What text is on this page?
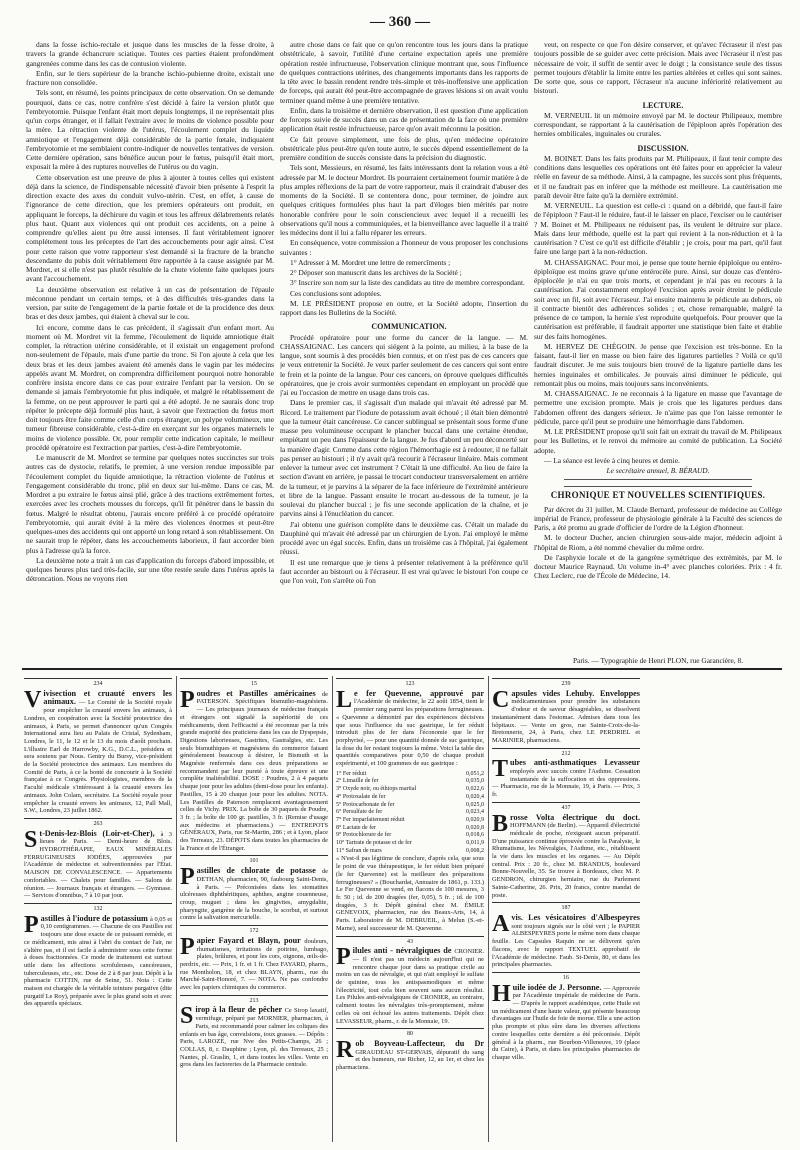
— 360 —

dans la fosse ischio-rectale et jusque dans les muscles de la fesse droite, à travers la grande échancrure sciatique. Toutes ces parties étaient profondément gangrenées comme dans les cas de contusion violente.

Enfin, sur le tiers supérieur de la branche ischio-pubienne droite, existait une fracture non consolidée.

Tels sont, en résumé, les points principaux de cette observation. On se demande pourquoi, dans ce cas, notre confrère s'est décidé à faire la version plutôt que l'embryotomie. Puisque l'enfant était mort depuis longtemps, il ne représentait plus qu'un corps étranger, et il fallait l'extraire avec le moins de violence possible pour la mère. La rétraction violente de l'utérus, l'écoulement complet du liquide amniotique et l'engagement déjà considérable de la partie fœtale, indiquaient l'embryotomie et me semblaient contre-indiquer de nouvelles tentatives de version. Cette dernière opération, sans bénéfice aucun pour le fœtus, puisqu'il était mort, exposait la mère à des ruptures nouvelles de l'utérus ou du vagin.

Cette observation est une preuve de plus à ajouter à toutes celles qui existent déjà dans la science, de l'indispensable nécessité d'avoir bien présente à l'esprit la direction exacte des axes du conduit vulvo-utérin. C'est, en effet, à cause de l'ignorance de cette direction, que les premiers opérateurs ont produit, en appliquant le forceps, la déchirure du vagin et tous les affreux délabrements relatés plus haut. Quant aux violences qui ont produit ces accidents, on a peine à comprendre qu'elles aient pu être aussi intenses. Il faut véritablement ignorer complétement tous les préceptes de l'art des accouchements pour agir ainsi. C'est pour cette raison que votre rapporteur s'est demandé si la fracture de la branche descendante du pubis doit véritablement être rapportée à la cause assignée par M. Mordret, et si elle n'est pas plutôt résultée de la chute violente faite quelques jours avant l'accouchement.

La deuxième observation est relative à un cas de présentation de l'épaule méconnue pendant un certain temps, et à des difficultés très-grandes dans la version, par suite de l'engagement de la partie fœtale et de la procidence des deux bras et des deux jambes, qui étaient à cheval sur le cou.

Ici encore, comme dans le cas précédent, il s'agissait d'un enfant mort. Au moment où M. Mordret vit la femme, l'écoulement de liquide amniotique était complet, la rétraction utérine considérable, et il existait un engagement profond non-seulement de l'épaule, mais d'une partie du tronc. Si l'on ajoute à cela que les deux bras et les deux jambes avaient été amenés dans le vagin par les médecins appelés avant M. Mordret, on comprendra difficilement pourquoi notre honorable confrère insista encore dans ce cas pour extraire l'enfant par la version. On se demande si jamais l'embryotomie fut plus indiquée, et malgré le rétablissement de la femme, on ne peut approuver le parti qui a été adopté. Je ne saurais donc trop répéter le précepte déjà formulé plus haut, à savoir que l'extraction du fœtus mort doit toujours être faite comme celle d'un corps étranger, un polype volumineux, une tumeur fibreuse considérable, c'est-à-dire en exerçant sur les organes maternels le moins de violence possible. Or, pour remplir cette indication capitale, le meilleur procédé opératoire est l'extraction par parties, c'est-à-dire l'embryotomie.

Le manuscrit de M. Mordret se termine par quelques notes succinctes sur trois autres cas de dystocie, relatifs, le premier, à une version rendue impossible par l'écoulement complet du liquide amniotique, la rétraction violente de l'utérus et l'engagement considérable du tronc, plié en deux sur lui-même. Dans ce cas, M. Mordret a pu extraire le fœtus ainsi plié, grâce à des tractions extrêmement fortes, exercées avec les crochets mousses du forceps, qu'il fit pénétrer dans le bassin du fœtus. Malgré le résultat obtenu, j'aurais encore préféré à ce procédé opératoire l'embryotomie, qui aurait évité à la mère des violences énormes et peut-être quelques-unes des accidents qui ont apporté un long retard à son rétablissement. On ne saurait trop le répéter, dans les accouchements laborieux, il faut accorder bien plus à l'adresse qu'à la force.

La deuxième note a trait à un cas d'application du forceps d'abord impossible, et quelques heures plus tard très-facile, sur une tête restée seule dans l'utérus après la détroncation. Nous ne voyons rien

autre chose dans ce fait que ce qu'on rencontre tous les jours dans la pratique obstétricale, à savoir, l'utilité d'une certaine expectation après une première opération restée infructueuse, l'observation clinique montrant que, sous l'influence de quelques contractions utérines, des changements importants dans les rapports de la tête avec le bassin rendent rendre très-simple et très-inoffensive une application de forceps, qui aurait été peut-être accompagnée de graves lésions si on avait voulu terminer quand même à une première tentative.

Enfin, dans la troisième et dernière observation, il est question d'une application de forceps suivie de succès dans un cas de présentation de la face où une première application était restée infructueuse, parce qu'on avait méconnu la position.

Ce fait prouve simplement, une fois de plus, qu'en médecine opératoire obstétricale plus peut-être qu'en toute autre, le succès dépend essentiellement de la première condition de succès consiste dans la précision du diagnostic.

Tels sont, Messieurs, en résumé, les faits intéressants dont la relation vous a été adressée par M. le docteur Mordret. Ils pourraient certainement fournir matière à de plus amples réflexions de la part de votre rapporteur, mais il craindrait d'abuser des moments de la Société. Il se contentera donc, pour terminer, de joindre aux quelques critiques formulées plus haut la part d'éloges bien mérités par notre honorable confrère pour le soin consciencieux avec lequel il a recueilli les observations qu'il nous a communiquées, et la bienveillance avec laquelle il a traité les médecins dont il lui a fallu réparer les erreurs.

En conséquence, votre commission a l'honneur de vous proposer les conclusions suivantes :

1° Adresser à M. Mordret une lettre de remercîments ;

2° Déposer son manuscrit dans les archives de la Société ;

3° Inscrire son nom sur la liste des candidats au titre de membre correspondant.

Ces conclusions sont adoptées.

M. LE PRÉSIDENT propose en outre, et la Société adopte, l'insertion du rapport dans les Bulletins de la Société.

COMMUNICATION.

Procédé opératoire pour une forme du cancer de la langue. — M. CHASSAIGNAC. Les cancers qui siégent à la pointe, au milieu, à la base de la langue, sont soumis à des procédés bien connus, et on n'est pas de ces cancers que je veux entretenir la Société. Je veux parler seulement de ces cancers qui sont entre le frein et la pointe de la langue. Pour ces cancers, on éprouve quelques difficultés opératoires, que je crois avoir surmontées cependant en employant un procédé que j'ai eu l'occasion de mettre en usage dans trois cas.

Dans le premier cas, il s'agissait d'un malade qui m'avait été adressé par M. Ricord. Le traitement par l'iodure de potassium avait échoué ; il était bien démontré que la tumeur était cancéreuse. Ce cancer sublingual se présentait sous forme d'une masse peu volumineuse occupant le plancher buccal dans une certaine étendue, empiétant un peu dans l'épaisseur de la langue. Je fus d'abord un peu déconcerté sur la manière d'agir. Comme dans cette région l'hémorrhagie est à redouter, il ne fallait pas penser au bistouri ; il n'y avait qu'à recourir à l'écraseur linéaire. Mais comment enlever la tumeur avec cet instrument ? C'était là une difficulté. Au lieu de faire la section d'avant en arrière, je passai le trocart conducteur transversalement en arrière de la tumeur, et je parvins à la séparer de la face inférieure de l'extrémité antérieure et libre de la langue. Passant ensuite le trocart au-dessous de la tumeur, je la soulevai du plancher buccal ; je fis une seconde application de la chaîne, et je parvins ainsi à l'énucléation du cancer.

J'ai obtenu une guérison complète dans le deuxième cas. C'était un malade du Dauphiné qui m'avait été adressé par un chirurgien de Lyon. J'ai employé le même procédé avec un égal succès. Enfin, dans un troisième cas à l'hôpital, j'ai également réussi.

Il est une remarque que je tiens à présenter relativement à la préférence qu'il faut accorder au bistouri ou à l'écraseur. Il est vrai qu'avec le bistouri l'on coupe ce que l'on voit, l'on s'arrête où l'on

veut, on respecte ce que l'on désire conserver, et qu'avec l'écraseur il n'est pas toujours possible de se guider avec cette précision. Mais avec l'écraseur il n'est pas nécessaire de voir, il suffit de sentir avec le doigt ; la consistance seule des tissus permet toujours d'établir la limite entre les parties altérées et celles qui sont saines. De sorte que, sous ce rapport, l'écraseur n'a aucune infériorité relativement au bistouri.

LECTURE.

M. VERNEUIL lit un mémoire envoyé par M. le docteur Philipeaux, membre correspondant, se rapportant à la cautérisation de l'épiploon après l'opération des hernies ombilicales, inguinales ou crurales.

DISCUSSION.

M. BOINET. Dans les faits produits par M. Philipeaux, il faut tenir compte des conditions dans lesquelles ces opérations ont été faites pour en apprécier la valeur réelle en faveur de sa méthode. Ainsi, à la campagne, les succès sont plus fréquents, et il ne faudrait pas en inférer que la méthode est meilleure. La cautérisation me paraît devoir être faite qu'à la dernière extrémité.

M. VERNEUIL. La question est celle-ci : quand on a débridé, que faut-il faire de l'épiploon ? Faut-il le réduire, faut-il le laisser en place, l'exciser ou le cautériser ? M. Boinet et M. Philipeaux ne réduisent pas, ils veulent le détruire sur place. Mais dans leur méthode, quelle est la part qui revient à la non-réduction et à la cautérisation ? C'est ce qu'il est difficile d'établir ; je crois, pour ma part, qu'il faut faire une large part à la non-réduction.

M. CHASSAIGNAC. Pour moi, je pense que toute hernie épiploïque ou entéro-épiploïque est moins grave qu'une entérocèle pure. Ainsi, sur douze cas d'entéro-épiplocèle je n'ai eu que trois morts, et cependant je n'ai pas eu recours à la cautérisation. J'ai constamment employé l'excision après avoir étreint le pédicule soit avec un fil, soit avec l'écraseur. J'ai ensuite maintenu le pédicule au dehors, où il contracte bientôt des adhérences solides ; et, chose remarquable, malgré la présence de ce tampon, la hernie s'est reproduite quelquefois. Pour prouver que la cautérisation est préférable, il faudrait apporter une statistique bien faite et établie sur des faits homogènes.

M. HERVEZ DE CHÉGOIN. Je pense que l'excision est très-bonne. En la faisant, faut-il lier en masse ou bien faire des ligatures partielles ? Voilà ce qu'il faudrait discuter. Je me suis toujours bien trouvé de la ligature partielle dans les hernies inguinales et ombilicales. Je pouvais ainsi diminuer le pédicule, qui remontait plus ou moins, mais toujours sans inconvénients.

M. CHASSAIGNAC. Je ne reconnais à la ligature en masse que l'avantage de permettre une excision prompte. Mais je crois que les ligatures perdues dans l'abdomen offrent des dangers sérieux. Je n'aime pas que l'on laisse remonter le pédicule, parce qu'il peut se produire une hémorrhagie dans l'abdomen.

M. LE PRÉSIDENT propose qu'il soit fait un extrait du travail de M. Philipeaux pour les Bulletins, et le renvoi du mémoire au comité de publication. La Société adopte.

— La séance est levée à cinq heures et demie.

Le secrétaire annuel, B. BÉRAUD.

CHRONIQUE ET NOUVELLES SCIENTIFIQUES.

Par décret du 31 juillet, M. Claude Bernard, professeur de médecine au Collège impérial de France, professeur de physiologie générale à la Faculté des sciences de Paris, a été promu au grade d'officier de l'ordre de la Légion d'honneur.

M. le docteur Ducher, ancien chirurgien sous-aide major, médecin adjoint à l'hôpital de Riom, a été nommé chevalier du même ordre.

De l'asphyxie locale et de la gangrène symétrique des extrémités, par M. le docteur Maurice Raynaud. Un volume in-4° avec planches coloriées. Prix : 4 fr. Chez Leclerc, rue de l'École de Médecine, 14.

Paris. — Typographie de Henri PLON, rue Garancière, 8.
234
Vivisection et cruauté envers les animaux. — Le Comité de la Société royale pour empêcher la cruauté envers les animaux, à Londres, en coopération avec la Société protectrice des animaux, à Paris, se permet d'annoncer qu'un Congrès International aura lieu au Palais de Cristal, Sydenham, Londres, le 11, le 12 et le 13 du mois d'août prochain. L'illustre Earl de Harrowby, K.G., D.C.L., présidera et sera soutenu par Nous. Gentry du Bursy, vice-président de la Société protectrice des animaux. Les membres du Comité de Paris, à ce la bonté de concourir à la Société française à ce Congrès. Physiologistes, membres de la Faculté médicale s'intéressant à la cruauté envers les animaux. John Colam, secrétaire. La Société royale pour empêcher la cruauté envers les animaux, 12, Pall Mall, S.W., Londres, 23 juillet 1862.
263
St-Denis-lez-Blois (Loir-et-Cher), à 3 lieues de Paris. — Demi-heure de Blois. HYDROTHÉRAPIE, EAUX MINÉRALES FERRUGINEUSES IODÉES, approuvées par l'Académie de médecine et subventionnées par l'État. MAISON DE CONVALESCENCE. — Appartements confortables. — Chalets pour familles. — Salons de réunion. — Journaux français et étrangers. — Gymnase. — Services d'omnibus, 7 à 10 par jour.
132
Pastilles à l'iodure de potassium à 0,05 et 0,10 centigrammes. — Chacune de ces Pastilles est toujours une dose exacte de ce puissant remède, et ce médicament, mis ainsi à l'abri du contact de l'air, ne s'altère pas, et il est facile à administrer sous cette forme à doses fractionnées. Ce mode de traitement est surtout utile dans les affections scrofuleuses, cancéreuses, tuberculeuses, etc., etc. Dose de 2 à 8 par jour. Dépôt à la pharmacie COTTIN, rue de Seine, 51. Nota : Cette maison est chargée de la véritable teinture purgative (dite purgatif Le Roy), préparée avec le plus grand soin et avec des appareils spéciaux.
15
Poudres et Pastilles américaines de PATERSON. Spécifiques bismutho-magnésiens. — Les principaux journaux de médecine français et étrangers ont signalé la supériorité de ces médicaments, dont l'efficacité a été reconnue par la très grande majorité des praticiens dans les cas de Dyspepsie, Digestions laborieuses, Gastrites, Gastralgies, etc. Les seuls bismuthiques et magnésiens du commerce faisant généralement beaucoup à désirer, le Bismuth et la Magnésie renfermés dans ces deux préparations se recommandent par leur pureté à toute épreuve et une complète inaltérabilité. DOSE : Poudres, 2 à 4 paquets chaque jour pour les adultes (demi-dose pour les enfants). Pastilles, 15 à 20 chaque jour pour les adultes. NOTA. Les Pastilles de Paterson remplacent avantageusement celles de Vichy. PRIX. La boîte de 30 paquets de Poudre, 3 fr. ; la boîte de 100 gr. pastilles, 3 fr. (Remise d'usage aux médecins et pharmaciens.) — ENTREPOTS GÉNÉRAUX, Paris, rue St-Martin, 286 ; et à Lyon, place des Terreaux, 23. DÉPOTS dans toutes les pharmacies de la France et de l'Étranger.
101
Pastilles de chlorate de potasse de DETHAN, pharmacien, 90, faubourg Saint-Denis, à Paris. — Préconisées dans les stomatites ulcéreuses diphthéritiques, aphthes, angine couenneuse, croup, muguet ; dans les gingivites, amygdalite, pharyngite, gangrène de la bouche, le scorbut, et surtout contre la salivation mercurielle.
172
Papier Fayard et Blayn, pour douleurs, rhumatismes, irritations de poitrine, lumbago, plaies, brûlures, et pour les cors, oignons, œils-de-perdrix, etc. — Prix, 1 fr. et 1 fr. Chez FAYARD, pharm., rue Montholon, 18, et chez BLAYN, pharm., rue du Marché-Saint-Honoré, 7. — NOTA. Ne pas confondre avec les papiers chimiques du commerce.
213
Sirop à la fleur de pêcher Ce Sirop laxatif, vermifuge, préparé par MORNIER, pharmacien, à Paris, est recommandé pour calmer les coliques des enfants en bas âge, convulsions, toux grasses. — Dépôts : Paris, LAROZE, rue Nve des Petits-Champs, 26 ; COLLAS, 8, r. Dauphine ; Lyon, pl. des Terreaux, 25 ; Nantes, pl. Graslin, 1, et dans toutes les villes. Vente en gros dans les factoreries de la Pharmacie centrale.
123
Le fer Quevenne, approuvé par l'Académie de médecine, le 22 août 1854, tient le premier rang parmi les préparations ferrugineuses. « Quevenne a démontré par des expériences décisives que sous l'influence du suc gastrique, le fer réduit introduit plus de fer dans l'économie que le fer porphyrisé, — pour une quantité donnée de suc gastrique, la dose du fer restant toujours la même. Voici la table des quantités comparatives pour 0,50 de chaque produit expérimenté, et 100 grammes de suc gastrique :
1° Fer réduit	0,051,2
2° Limaille de fer	0,035,0
3° Oxyde noir, ou éthiops martial	0,022,6
4° Protoxalate de fer	0,020,4
5° Protocarbonate de fer	0,025,0
6° Persulfate de fer	0,023,4
7° Fer imparfaitement réduit	0,020,9
8° Lactate de fer	0,020,8
9° Protochlorure de fer	0,018,6
10° Tartrate de potasse et de fer	0,011,9
11° Safran de mars	0,008,2
« N'est-il pas légitime de conclure, d'après cela, que sous le point de vue thérapeutique, le fer réduit bien préparé (le fer Quevenne) est la meilleure des préparations ferrugineuses? » (Bouchardat, Annuaire de 1861, p. 133.) Le Fer Quevenne se vend, en flacons de 100 mesures, 3 fr. 50 ; id. de 200 dragées (fer, 0,05), 5 fr. ; id. de 100 dragées, 3 fr. Dépôt général chez M. ÉMILE GENEVOIX, pharmacien, rue des Beaux-Arts, 14, à Paris. Laboratoire de M. DEBRUEIL, à Melun (S.-et-Marne), seul successeur de M. Quevenne.
43
Pilules anti - névralgiques de CRONIER. — Il n'est pas un médecin aujourd'hui qui ne rencontre chaque jour dans sa pratique civile au moins un cas de névralgie, et qui n'ait employé le sulfate de quinine, tous les antispasmodiques et même l'électricité, tout cela bien souvent sans aucun résultat. Les Pilules anti-névralgiques de CRONIER, au contraire, calment toutes les névralgies très-promptement, même celles où ont échoué les autres traitements. Dépôt chez LEVASSEUR, pharm., r. de la Monnaie, 19.
80
Rob Boyveau-Laffecteur, du Dr GIRAUDEAU ST-GERVAIS, dépuratif du sang et des humeurs, rue Richer, 12, au 1er, et chez les pharmaciens.
239
Capsules vides Lehuby. Enveloppes médicamenteuses pour prendre les substances d'odeur et de saveur désagréables, se dissolvent instantanément dans l'estomac. Admises dans tous les hôpitaux. — Vente en gros, rue Sainte-Croix-de-la-Bretonnerie, 24, à Paris, chez LE PERDRIEL et MARINIER, pharmaciens.
212
Tubes anti-asthmatiques Levasseur employés avec succès contre l'Asthme. Cessation instantanée de la suffocation et des oppressions. — Pharmacie, rue de la Monnaie, 19, à Paris. — Prix, 3 fr.
437
Brosse Volta électrique du doct. HOFFMANN (de Berlin). — Appareil d'électricité médicale de poche, n'exigeant aucun préparatif. D'une puissance continue éprouvée contre la Paralysie, le Rhumatisme, les Névralgies, l'Asthme, etc., rétablissent la vie dans les muscles et les organes. — Au Dépôt central. Prix : 20 fr., chez M. BRANDUS, boulevard Bonne-Nouvelle, 35. Se trouve à Bordeaux, chez M. P. GENDRON, chirurgien herniaire, rue du Parlement Sainte-Catherine, 26. Prix, 20 francs, contre mandat de poste.
187
Avis. Les vésicatoires d'Albespeyres sont toujours signés sur le côté vert ; le PAPIER ALBESPEYRES porte le même nom dans chaque feuille. Les Capsules Raquin ne se délivrent qu'en flacons, avec le rapport TEXTUEL approbatif de l'Académie de médecine. Faub. St-Denis, 80, et dans les principales pharmacies.
16
Huile iodée de J. Personne. — Approuvée par l'Académie impériale de médecine de Paris. — D'après le rapport académique, cette Huile est un médicament d'une haute valeur, qui présente beaucoup d'avantages sur l'huile de foie de morue. Elle a une action plus prompte et plus sûre dans les diverses affections contre lesquelles cette dernière a été préconisée. Dépôt général à la pharm., rue Bourbon-Villeneuve, 19 (place du Caire), à Paris, et dans les principales pharmacies de chaque ville.
